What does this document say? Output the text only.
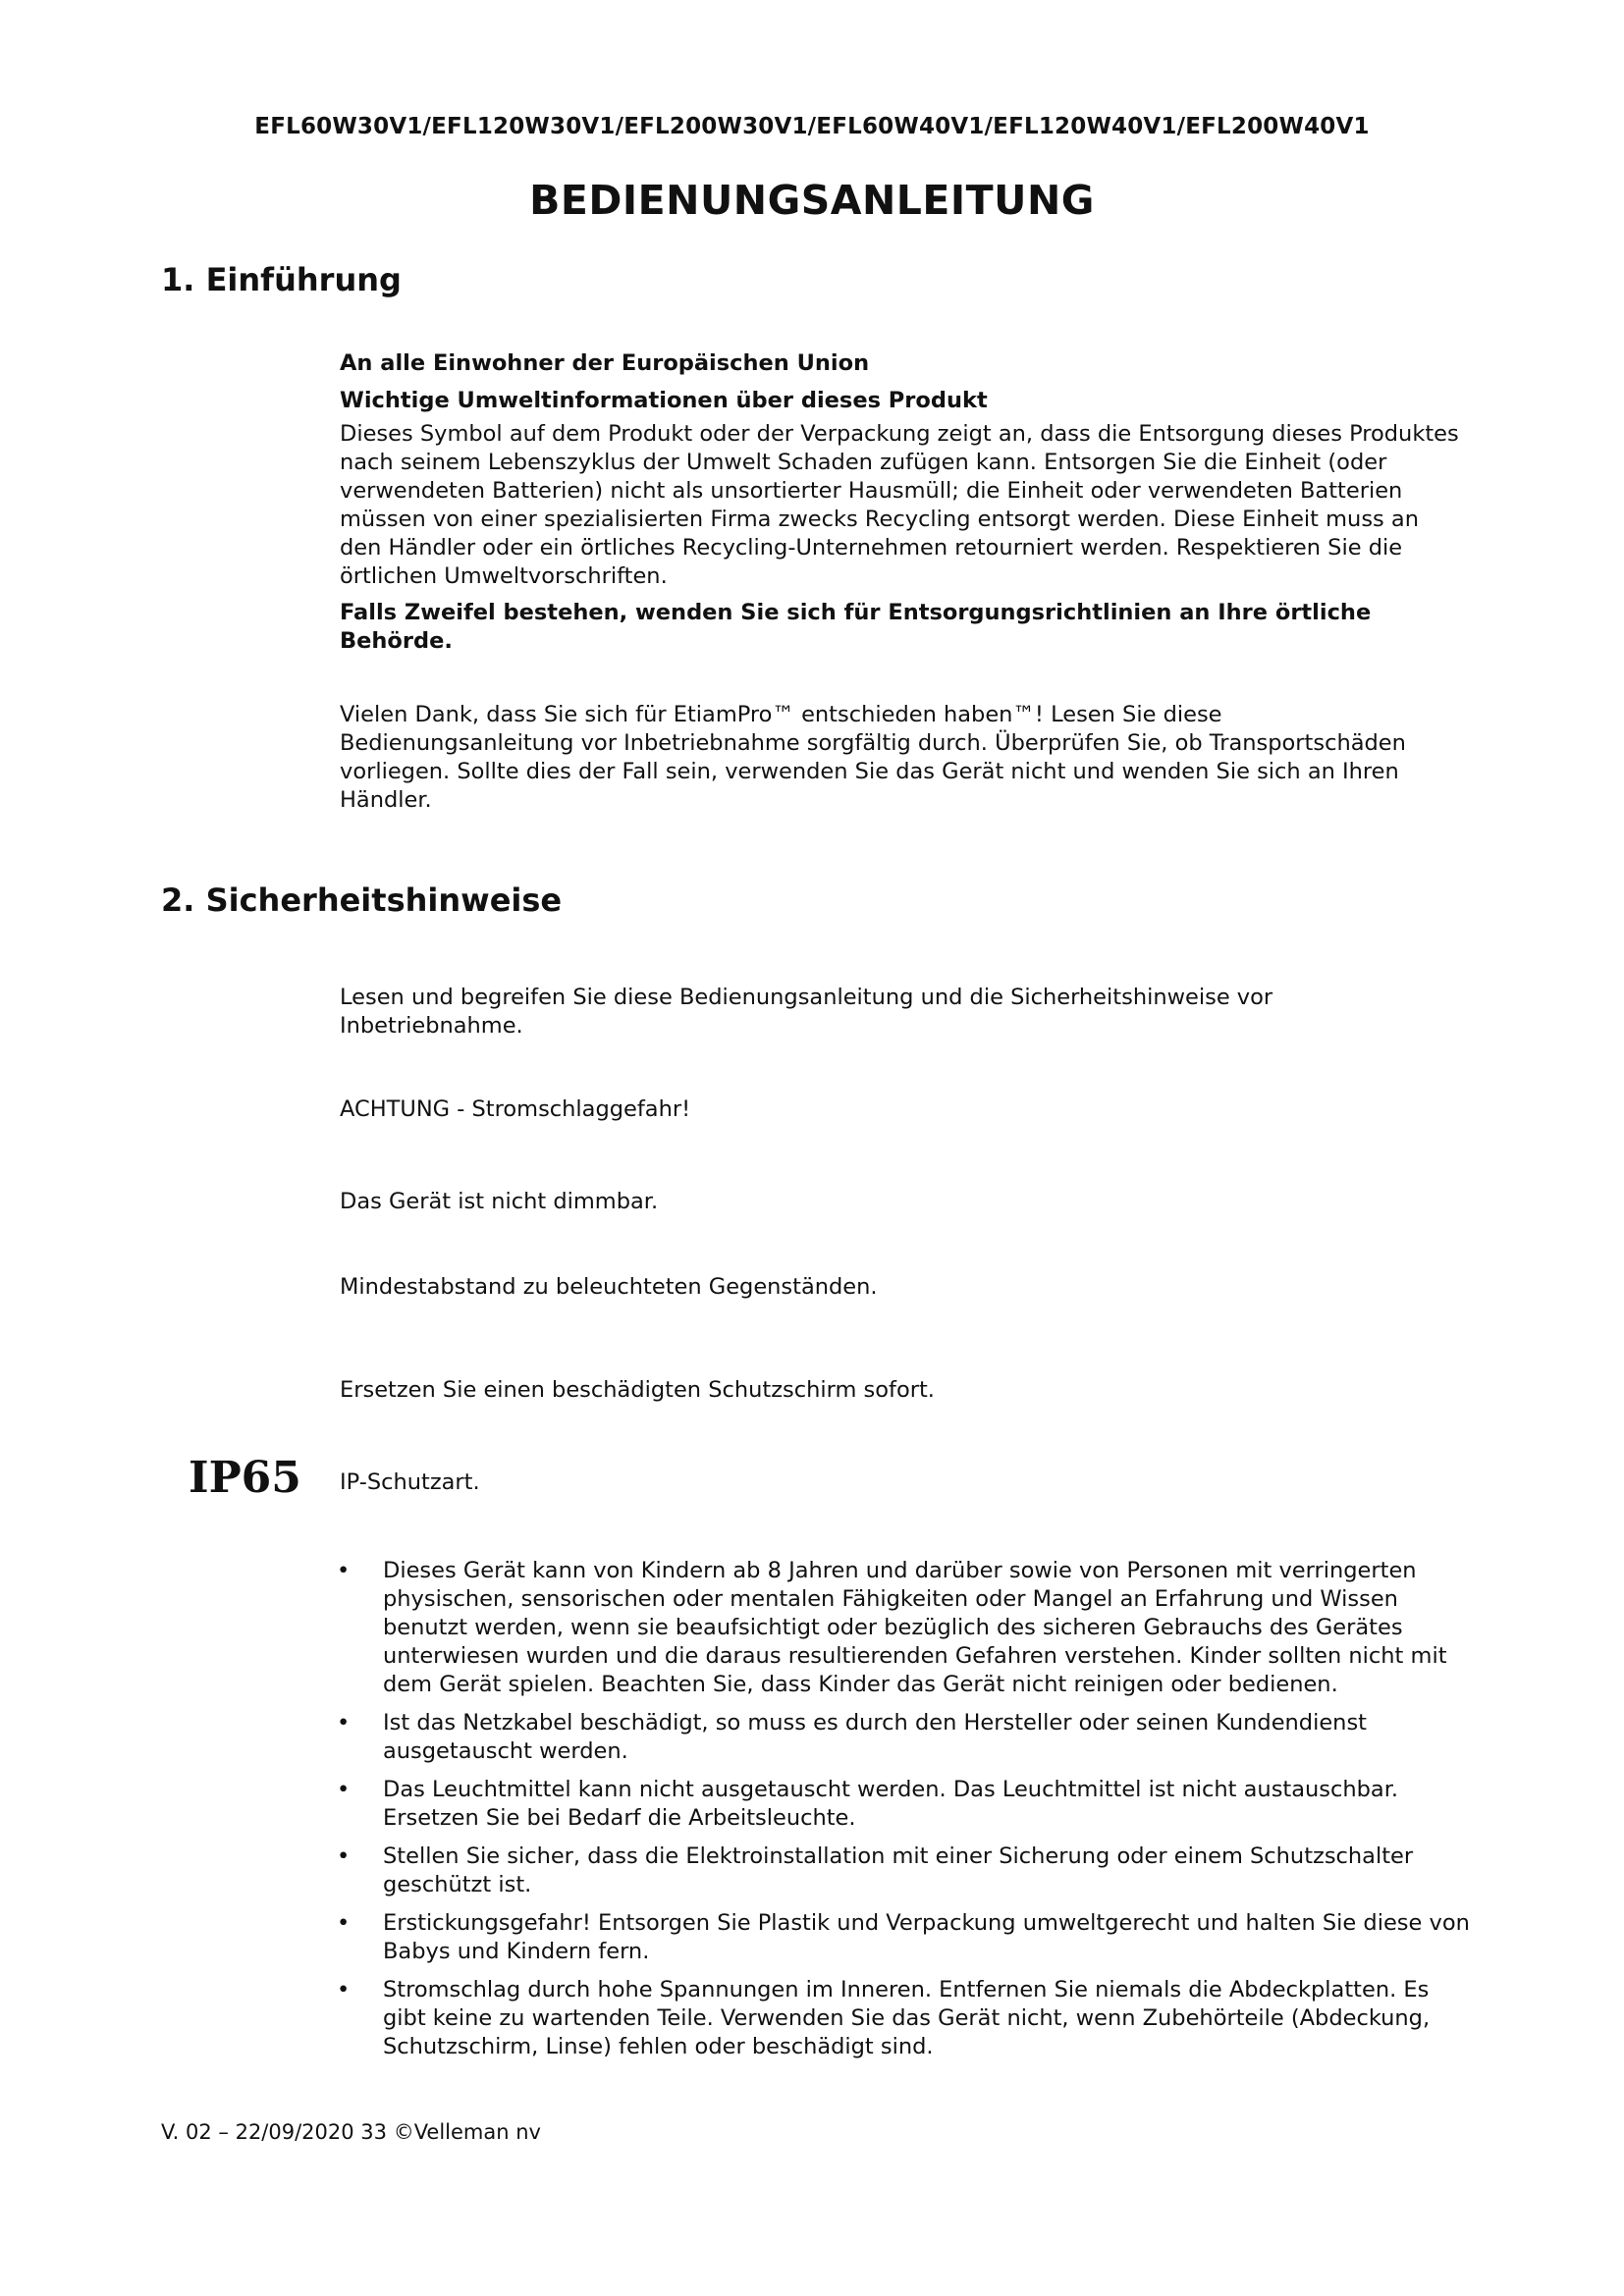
EFL60W30V1/EFL120W30V1/EFL200W30V1/EFL60W40V1/EFL120W40V1/EFL200W40V1
BEDIENUNGSANLEITUNG
1. Einführung
An alle Einwohner der Europäischen Union
Wichtige Umweltinformationen über dieses Produkt
Dieses Symbol auf dem Produkt oder der Verpackung zeigt an, dass die Entsorgung dieses Produktes nach seinem Lebenszyklus der Umwelt Schaden zufügen kann. Entsorgen Sie die Einheit (oder verwendeten Batterien) nicht als unsortierter Hausmüll; die Einheit oder verwendeten Batterien müssen von einer spezialisierten Firma zwecks Recycling entsorgt werden. Diese Einheit muss an den Händler oder ein örtliches Recycling-Unternehmen retourniert werden. Respektieren Sie die örtlichen Umweltvorschriften.
Falls Zweifel bestehen, wenden Sie sich für Entsorgungsrichtlinien an Ihre örtliche Behörde.
Vielen Dank, dass Sie sich für EtiamPro™ entschieden haben™! Lesen Sie diese Bedienungsanleitung vor Inbetriebnahme sorgfältig durch. Überprüfen Sie, ob Transportschäden vorliegen. Sollte dies der Fall sein, verwenden Sie das Gerät nicht und wenden Sie sich an Ihren Händler.
2. Sicherheitshinweise
Lesen und begreifen Sie diese Bedienungsanleitung und die Sicherheitshinweise vor Inbetriebnahme.
ACHTUNG - Stromschlaggefahr!
Das Gerät ist nicht dimmbar.
Mindestabstand zu beleuchteten Gegenständen.
Ersetzen Sie einen beschädigten Schutzschirm sofort.
IP65 IP-Schutzart.
• Dieses Gerät kann von Kindern ab 8 Jahren und darüber sowie von Personen mit verringerten physischen, sensorischen oder mentalen Fähigkeiten oder Mangel an Erfahrung und Wissen benutzt werden, wenn sie beaufsichtigt oder bezüglich des sicheren Gebrauchs des Gerätes unterwiesen wurden und die daraus resultierenden Gefahren verstehen. Kinder sollten nicht mit dem Gerät spielen. Beachten Sie, dass Kinder das Gerät nicht reinigen oder bedienen.
• Ist das Netzkabel beschädigt, so muss es durch den Hersteller oder seinen Kundendienst ausgetauscht werden.
• Das Leuchtmittel kann nicht ausgetauscht werden. Das Leuchtmittel ist nicht austauschbar. Ersetzen Sie bei Bedarf die Arbeitsleuchte.
• Stellen Sie sicher, dass die Elektroinstallation mit einer Sicherung oder einem Schutzschalter geschützt ist.
• Erstickungsgefahr! Entsorgen Sie Plastik und Verpackung umweltgerecht und halten Sie diese von Babys und Kindern fern.
• Stromschlag durch hohe Spannungen im Inneren. Entfernen Sie niemals die Abdeckplatten. Es gibt keine zu wartenden Teile. Verwenden Sie das Gerät nicht, wenn Zubehörteile (Abdeckung, Schutzschirm, Linse) fehlen oder beschädigt sind.
V. 02 – 22/09/2020 33 ©Velleman nv
